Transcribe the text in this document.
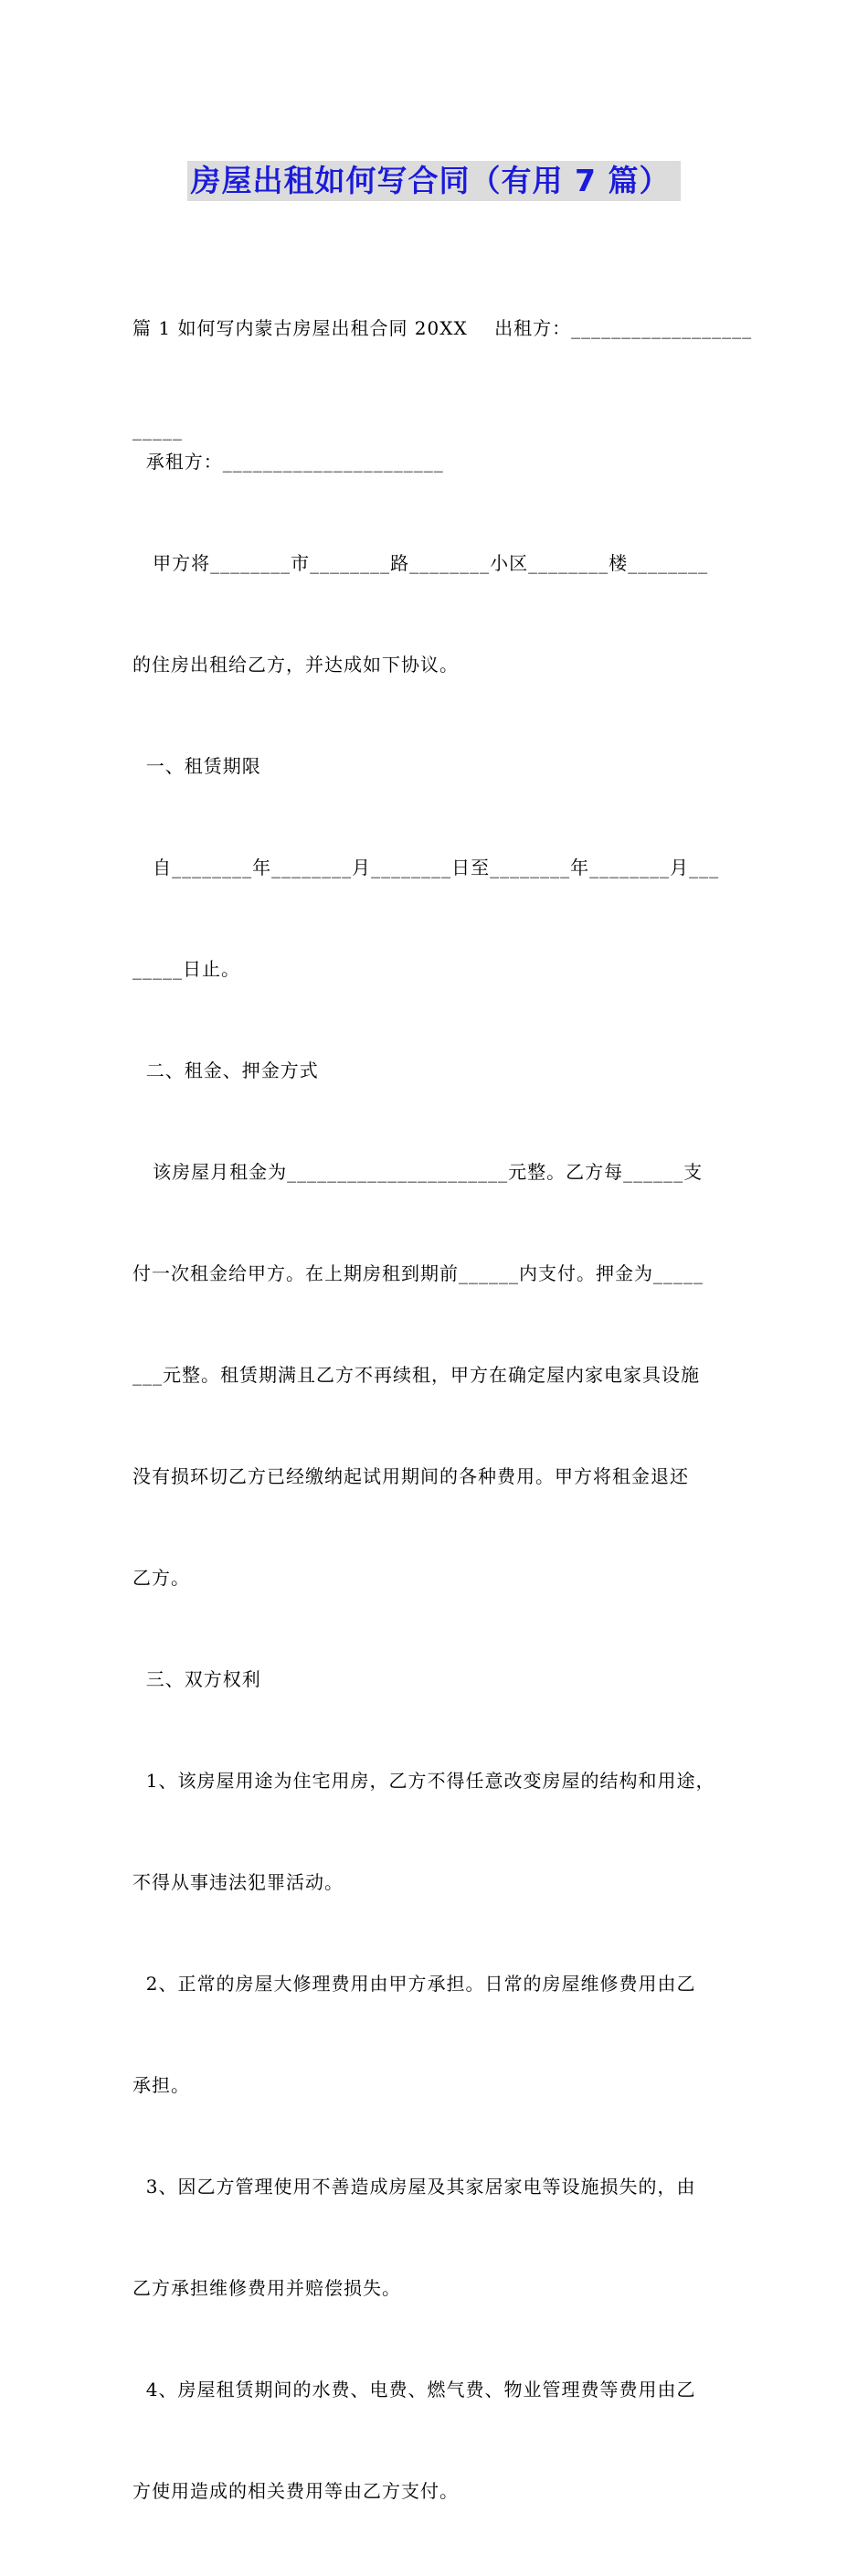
房屋出租如何写合同（有用 7 篇）

篇 1 如何写内蒙古房屋出租合同 20XX    出租方：__________________

_____

承租方：______________________

甲方将________市________路________小区________楼________

的住房出租给乙方，并达成如下协议。

一、租赁期限

自________年________月________日至________年________月___

_____日止。

二、租金、押金方式

该房屋月租金为______________________元整。乙方每______支

付一次租金给甲方。在上期房租到期前______内支付。押金为_____

___元整。租赁期满且乙方不再续租，甲方在确定屋内家电家具设施

没有损环切乙方已经缴纳起试用期间的各种费用。甲方将租金退还

乙方。

三、双方权利

1、该房屋用途为住宅用房，乙方不得任意改变房屋的结构和用途，

不得从事违法犯罪活动。

2、正常的房屋大修理费用由甲方承担。日常的房屋维修费用由乙

承担。

3、因乙方管理使用不善造成房屋及其家居家电等设施损失的，由

乙方承担维修费用并赔偿损失。

4、房屋租赁期间的水费、电费、燃气费、物业管理费等费用由乙

方使用造成的相关费用等由乙方支付。
